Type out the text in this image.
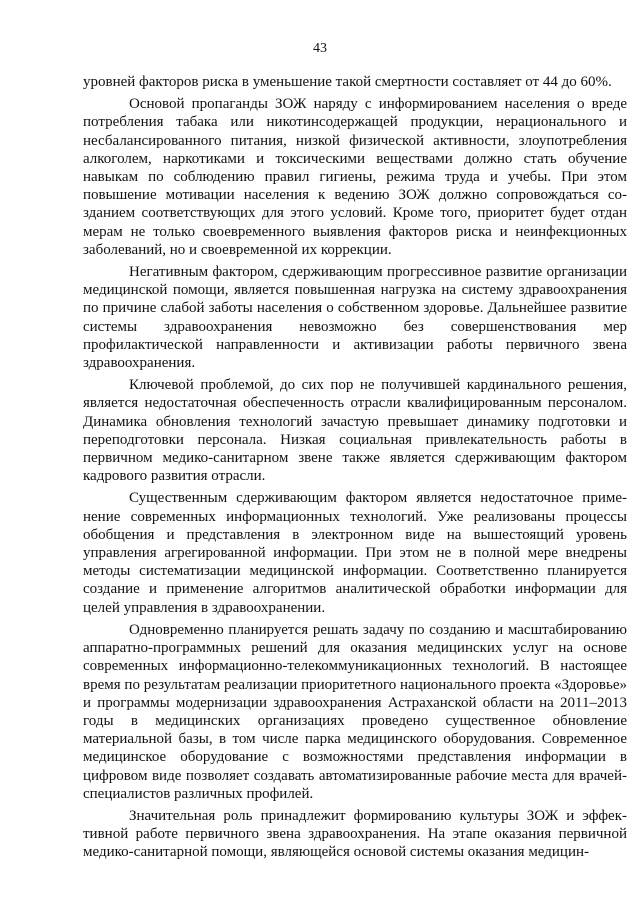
43

уровней факторов риска в уменьшение такой смертности составляет от 44 до 60%.

Основой пропаганды ЗОЖ наряду с информированием населения о вреде потребления табака или никотинсодержащей продукции, нерационального и несбалансированного питания, низкой физической активности, злоупотребления алкоголем, наркотиками и токсическими веществами должно стать обучение навыкам по соблюдению правил гигиены, режима труда и учебы. При этом повышение мотивации населения к ведению ЗОЖ должно сопровождаться созданием соответствующих для этого условий. Кроме того, приоритет будет отдан мерам не только своевременного выявления факторов риска и неинфекционных заболеваний, но и своевременной их коррекции.

Негативным фактором, сдерживающим прогрессивное развитие организации медицинской помощи, является повышенная нагрузка на систему здравоохранения по причине слабой заботы населения о собственном здоровье. Дальнейшее развитие системы здравоохранения невозможно без совершенствования мер профилактической направленности и активизации работы первичного звена здравоохранения.

Ключевой проблемой, до сих пор не получившей кардинального решения, является недостаточная обеспеченность отрасли квалифицированным персоналом. Динамика обновления технологий зачастую превышает динамику подготовки и переподготовки персонала. Низкая социальная привлекательность работы в первичном медико-санитарном звене также является сдерживающим фактором кадрового развития отрасли.

Существенным сдерживающим фактором является недостаточное применение современных информационных технологий. Уже реализованы процессы обобщения и представления в электронном виде на вышестоящий уровень управления агрегированной информации. При этом не в полной мере внедрены методы систематизации медицинской информации. Соответственно планируется создание и применение алгоритмов аналитической обработки информации для целей управления в здравоохранении.

Одновременно планируется решать задачу по созданию и масштабированию аппаратно-программных решений для оказания медицинских услуг на основе современных информационно-телекоммуникационных технологий. В настоящее время по результатам реализации приоритетного национального проекта «Здоровье» и программы модернизации здравоохранения Астраханской области на 2011–2013 годы в медицинских организациях проведено существенное обновление материальной базы, в том числе парка медицинского оборудования. Современное медицинское оборудование с возможностями представления информации в цифровом виде позволяет создавать автоматизированные рабочие места для врачей-специалистов различных профилей.

Значительная роль принадлежит формированию культуры ЗОЖ и эффективной работе первичного звена здравоохранения. На этапе оказания первичной медико-санитарной помощи, являющейся основой системы оказания медицин-
